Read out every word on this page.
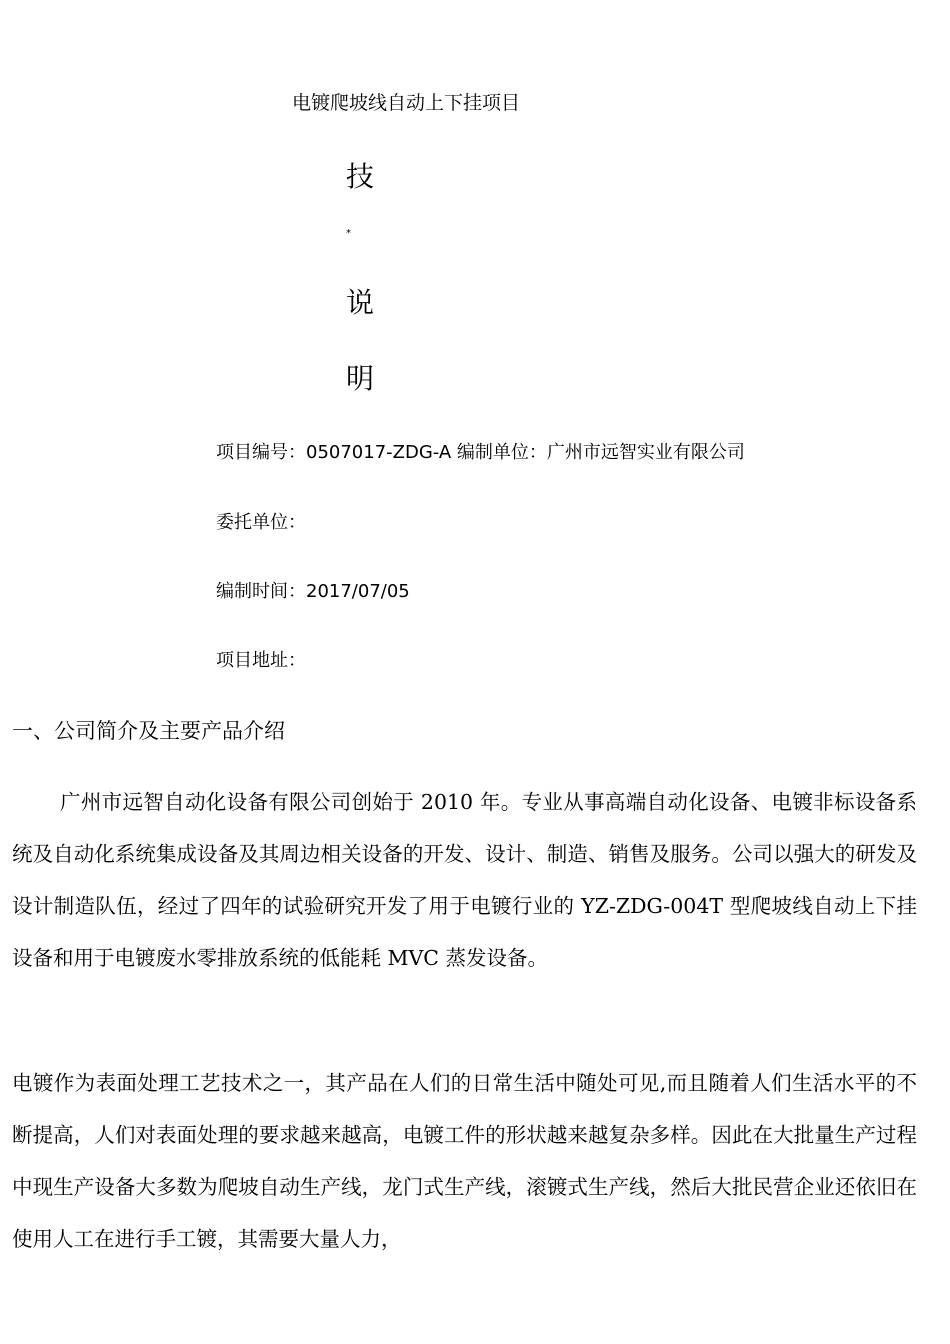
电镀爬坡线自动上下挂项目
技
*
说
明
项目编号：0507017-ZDG-A 编制单位：广州市远智实业有限公司
委托单位：
编制时间：2017/07/05
项目地址：
一、公司简介及主要产品介绍

广州市远智自动化设备有限公司创始于 2010 年。专业从事高端自动化设备、电镀非标设备系统及自动化系统集成设备及其周边相关设备的开发、设计、制造、销售及服务。公司以强大的研发及设计制造队伍，经过了四年的试验研究开发了用于电镀行业的 YZ-ZDG-004T 型爬坡线自动上下挂设备和用于电镀废水零排放系统的低能耗 MVC 蒸发设备。

电镀作为表面处理工艺技术之一，其产品在人们的日常生活中随处可见,而且随着人们生活水平的不断提高，人们对表面处理的要求越来越高，电镀工件的形状越来越复杂多样。因此在大批量生产过程中现生产设备大多数为爬坡自动生产线，龙门式生产线，滚镀式生产线，然后大批民营企业还依旧在使用人工在进行手工镀，其需要大量人力，
